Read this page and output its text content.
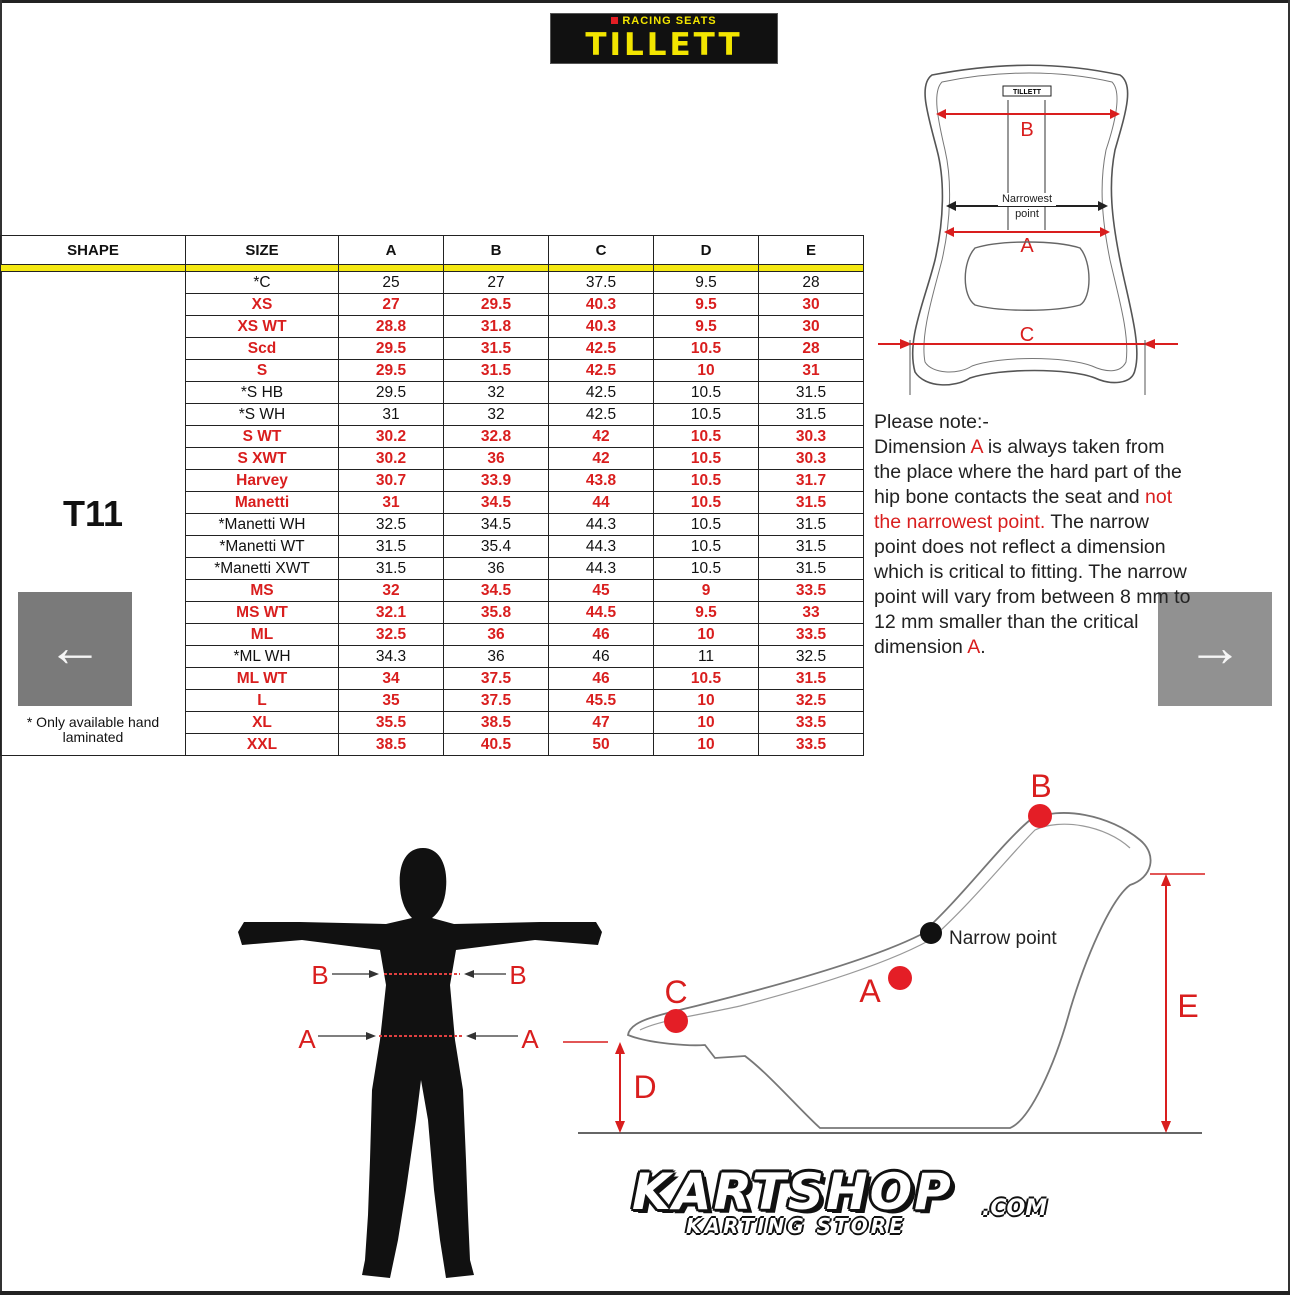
RACING SEATS
TILLETT
SHAPE	SIZE	A	B	C	D	E

T11
* Only available hand laminated	*C	25	27	37.5	9.5	28
	XS	27	29.5	40.3	9.5	30
	XS WT	28.8	31.8	40.3	9.5	30
	Scd	29.5	31.5	42.5	10.5	28
	S	29.5	31.5	42.5	10	31
	*S HB	29.5	32	42.5	10.5	31.5
	*S WH	31	32	42.5	10.5	31.5
	S WT	30.2	32.8	42	10.5	30.3
	S XWT	30.2	36	42	10.5	30.3
	Harvey	30.7	33.9	43.8	10.5	31.7
	Manetti	31	34.5	44	10.5	31.5
	*Manetti WH	32.5	34.5	44.3	10.5	31.5
	*Manetti WT	31.5	35.4	44.3	10.5	31.5
	*Manetti XWT	31.5	36	44.3	10.5	31.5
	MS	32	34.5	45	9	33.5
	MS WT	32.1	35.8	44.5	9.5	33
	ML	32.5	36	46	10	33.5
	*ML WH	34.3	36	46	11	32.5
	ML WT	34	37.5	46	10.5	31.5
	L	35	37.5	45.5	10	32.5
	XL	35.5	38.5	47	10	33.5
	XXL	38.5	40.5	50	10	33.5
←	→
TILLETT
B
Narrowest
point
A
C

Please note:-

Dimension A is always taken from the place where the hard part of the hip bone contacts the seat and not the narrowest point. The narrow point does not reflect a dimension which is critical to fitting. The narrow point will vary from between 8 mm to 12 mm smaller than the critical dimension A.

B	B
A	A
E
D
B
C	A
Narrow point
KARTSHOP .COM
KARTING STORE
